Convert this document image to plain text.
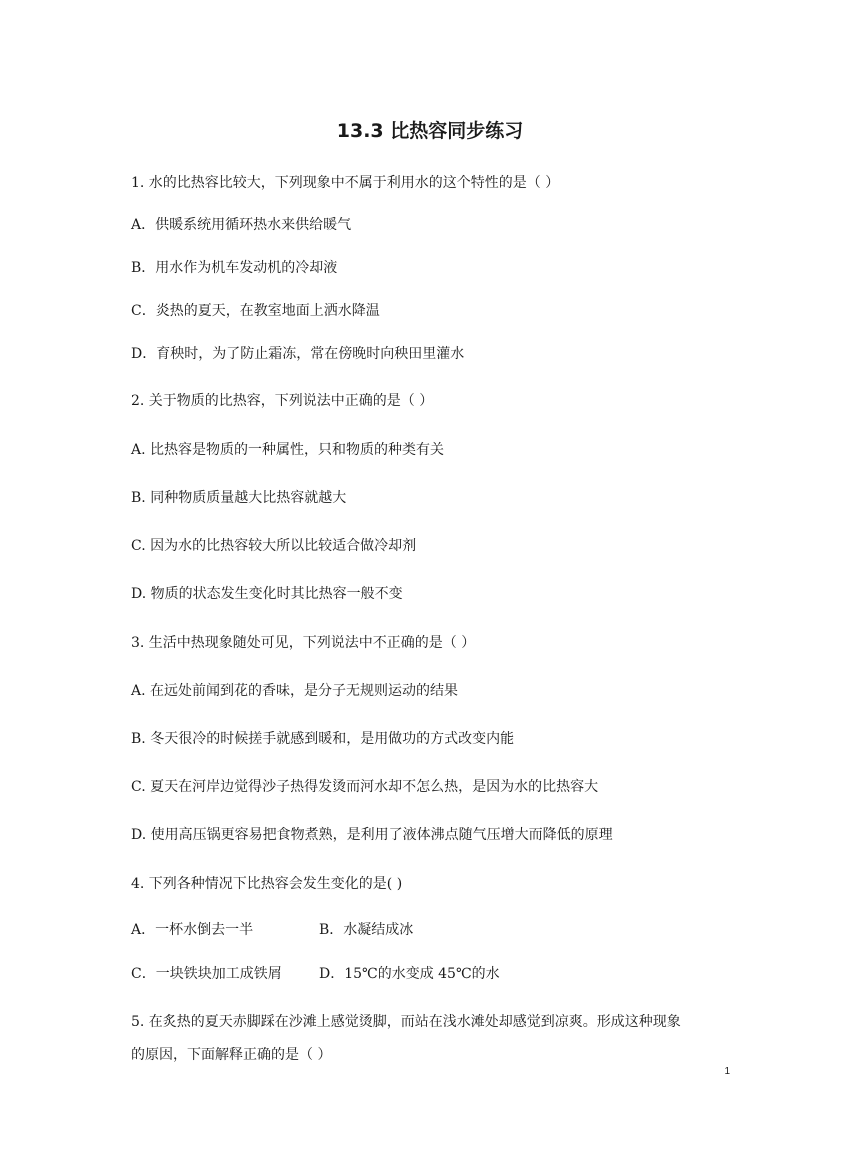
13.3 比热容同步练习
1. 水的比热容比较大，下列现象中不属于利用水的这个特性的是（ ）
A．供暖系统用循环热水来供给暖气
B．用水作为机车发动机的冷却液
C．炎热的夏天，在教室地面上洒水降温
D．育秧时，为了防止霜冻，常在傍晚时向秧田里灌水
2. 关于物质的比热容，下列说法中正确的是（ ）
A. 比热容是物质的一种属性，只和物质的种类有关
B. 同种物质质量越大比热容就越大
C. 因为水的比热容较大所以比较适合做冷却剂
D. 物质的状态发生变化时其比热容一般不变
3. 生活中热现象随处可见，下列说法中不正确的是（ ）
A. 在远处前闻到花的香味，是分子无规则运动的结果
B. 冬天很冷的时候搓手就感到暖和，是用做功的方式改变内能
C. 夏天在河岸边觉得沙子热得发烫而河水却不怎么热，是因为水的比热容大
D. 使用高压锅更容易把食物煮熟，是利用了液体沸点随气压增大而降低的原理
4. 下列各种情况下比热容会发生变化的是( )
A．一杯水倒去一半	B．水凝结成冰
C．一块铁块加工成铁屑	D．15℃的水变成 45℃的水
5. 在炙热的夏天赤脚踩在沙滩上感觉烫脚，而站在浅水滩处却感觉到凉爽。形成这种现象
的原因，下面解释正确的是（ ）
1
